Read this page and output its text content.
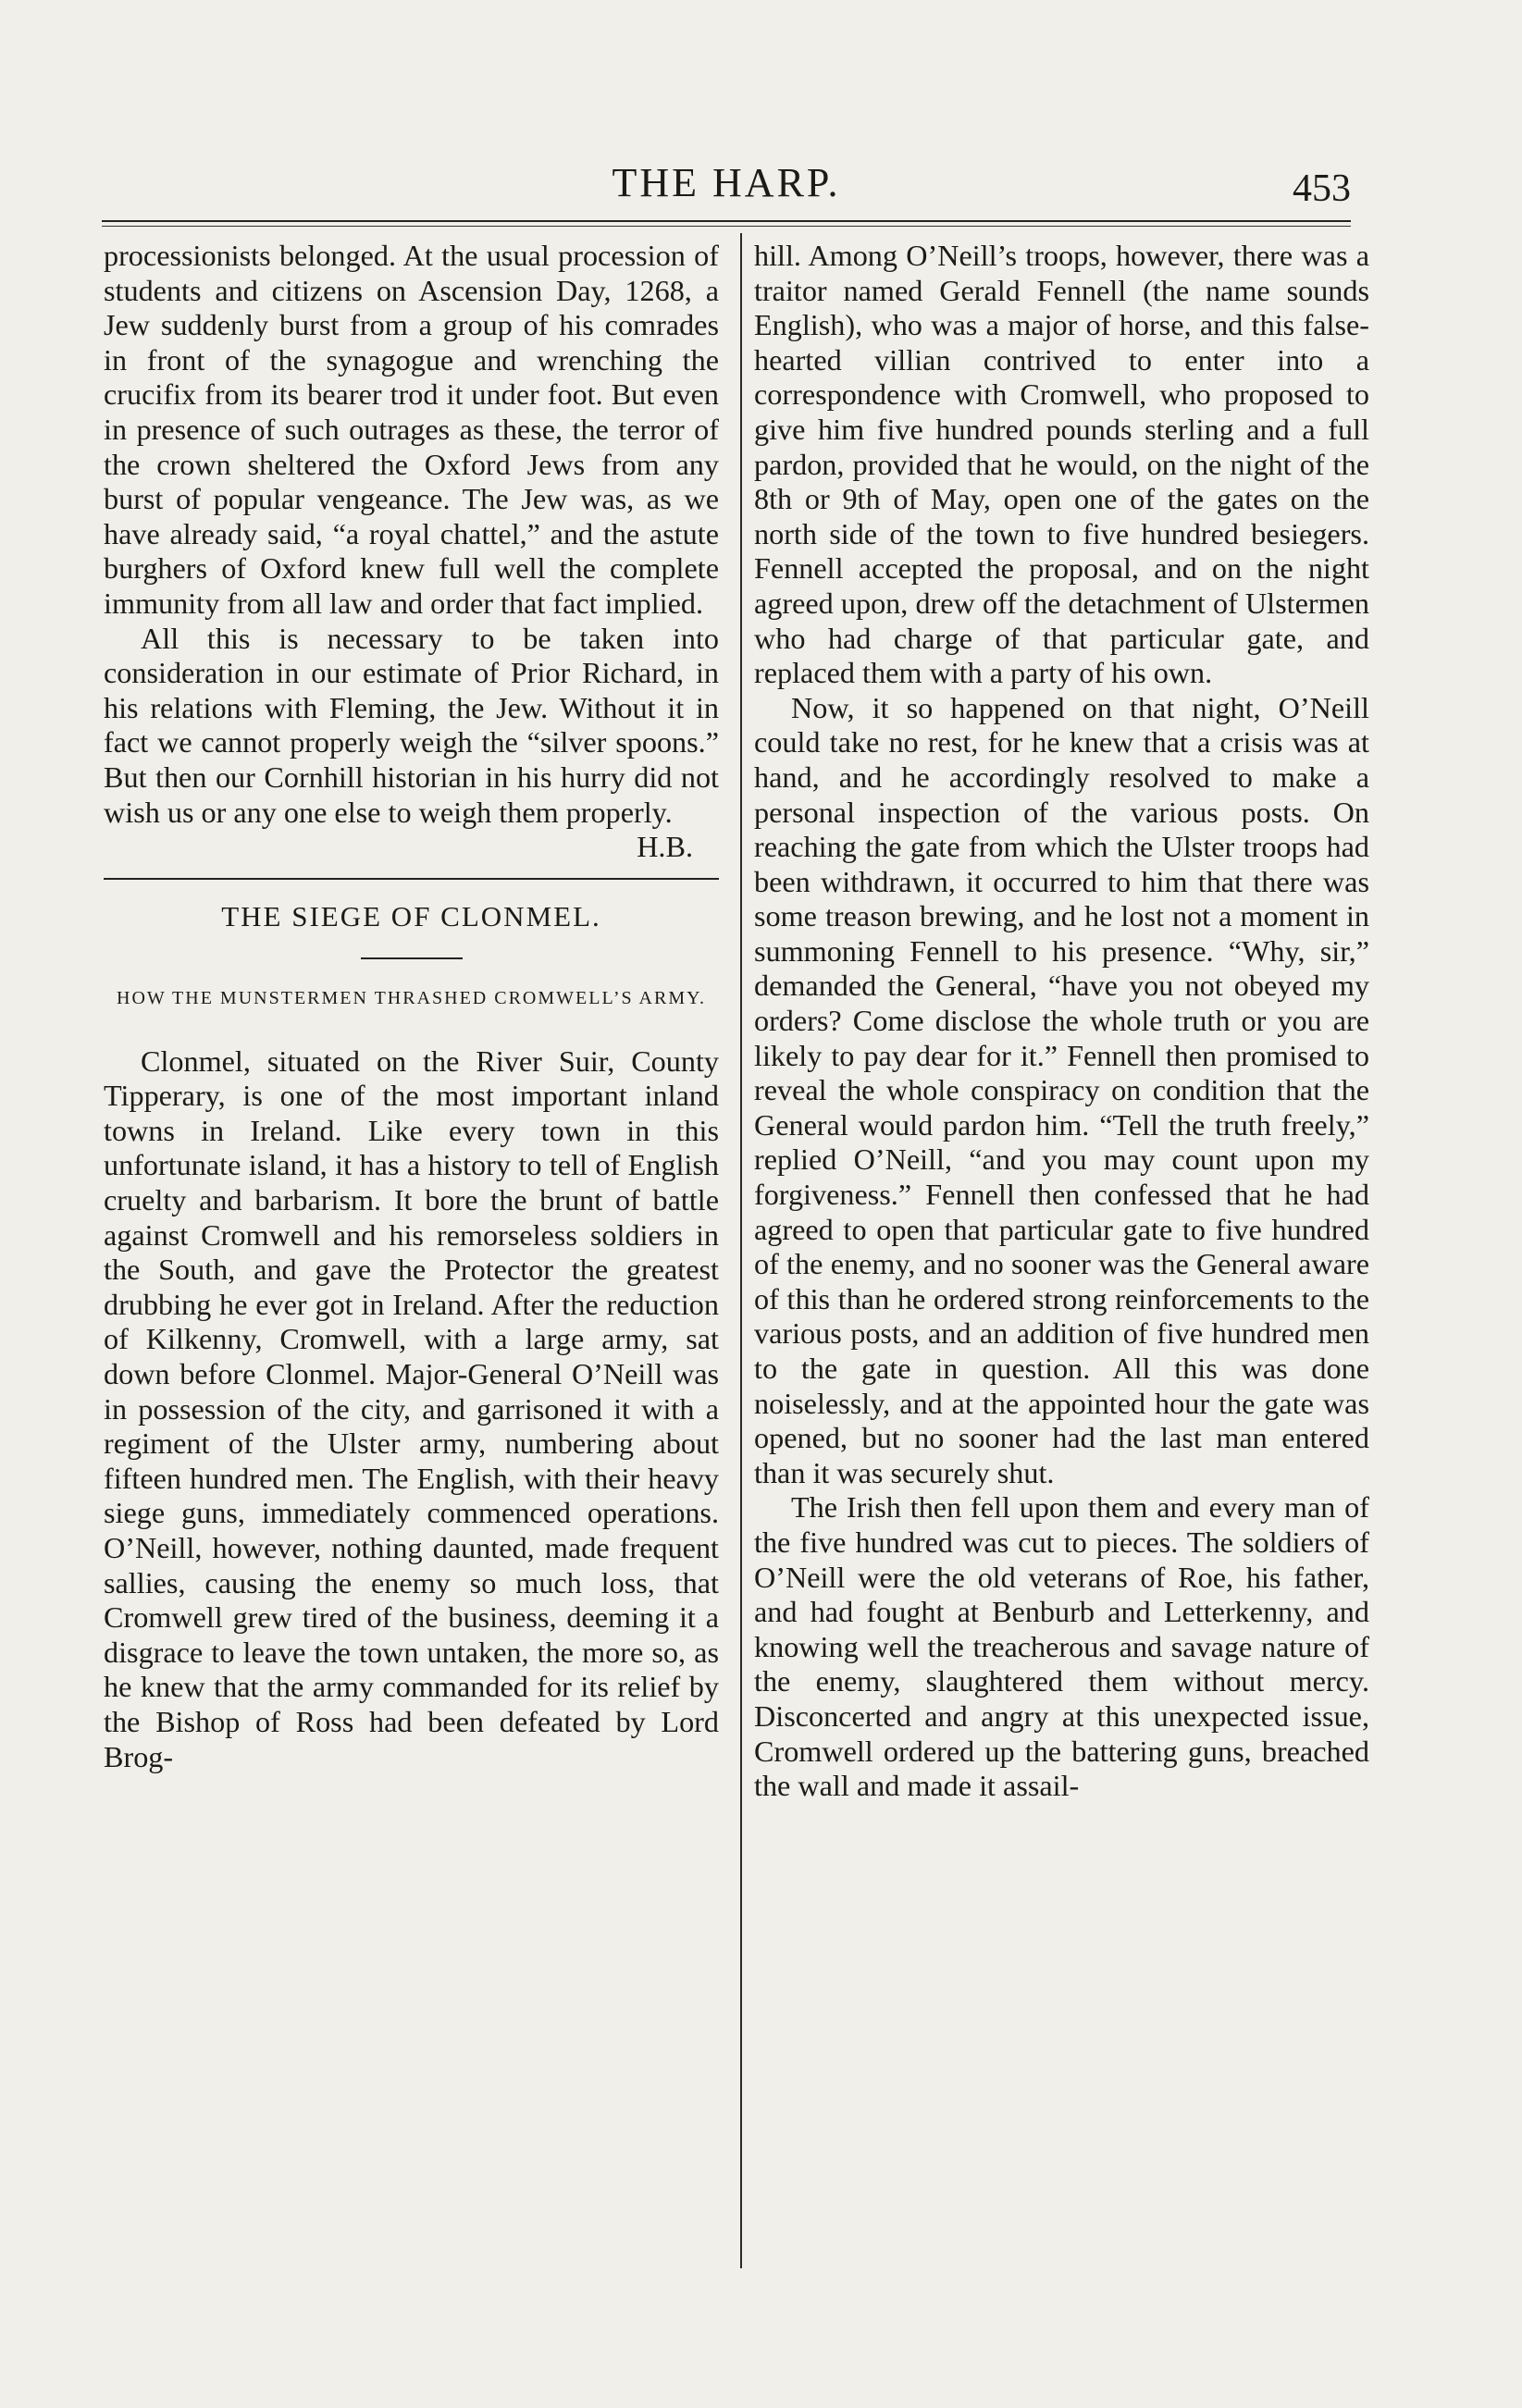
THE HARP.	453

processionists belonged. At the usual procession of students and citizens on Ascension Day, 1268, a Jew suddenly burst from a group of his comrades in front of the synagogue and wrenching the crucifix from its bearer trod it under foot. But even in presence of such outrages as these, the terror of the crown sheltered the Oxford Jews from any burst of popular vengeance. The Jew was, as we have already said, “a royal chattel,” and the astute burghers of Oxford knew full well the complete immunity from all law and order that fact implied.

All this is necessary to be taken into consideration in our estimate of Prior Richard, in his relations with Fleming, the Jew. Without it in fact we cannot properly weigh the “silver spoons.” But then our Cornhill historian in his hurry did not wish us or any one else to weigh them properly.

H.B.

THE SIEGE OF CLONMEL.
HOW THE MUNSTERMEN THRASHED CROMWELL’S ARMY.

Clonmel, situated on the River Suir, County Tipperary, is one of the most important inland towns in Ireland. Like every town in this unfortunate island, it has a history to tell of English cruelty and barbarism. It bore the brunt of battle against Cromwell and his remorseless soldiers in the South, and gave the Protector the greatest drubbing he ever got in Ireland. After the reduction of Kilkenny, Cromwell, with a large army, sat down before Clonmel. Major-General O’Neill was in possession of the city, and garrisoned it with a regiment of the Ulster army, numbering about fifteen hundred men. The English, with their heavy siege guns, immediately commenced operations. O’Neill, however, nothing daunted, made frequent sallies, causing the enemy so much loss, that Cromwell grew tired of the business, deeming it a disgrace to leave the town untaken, the more so, as he knew that the army commanded for its relief by the Bishop of Ross had been defeated by Lord Brog-

hill. Among O’Neill’s troops, however, there was a traitor named Gerald Fennell (the name sounds English), who was a major of horse, and this false-hearted villian contrived to enter into a correspondence with Cromwell, who proposed to give him five hundred pounds sterling and a full pardon, provided that he would, on the night of the 8th or 9th of May, open one of the gates on the north side of the town to five hundred besiegers. Fennell accepted the proposal, and on the night agreed upon, drew off the detachment of Ulstermen who had charge of that particular gate, and replaced them with a party of his own.

Now, it so happened on that night, O’Neill could take no rest, for he knew that a crisis was at hand, and he accordingly resolved to make a personal inspection of the various posts. On reaching the gate from which the Ulster troops had been withdrawn, it occurred to him that there was some treason brewing, and he lost not a moment in summoning Fennell to his presence. “Why, sir,” demanded the General, “have you not obeyed my orders? Come disclose the whole truth or you are likely to pay dear for it.” Fennell then promised to reveal the whole conspiracy on condition that the General would pardon him. “Tell the truth freely,” replied O’Neill, “and you may count upon my forgiveness.” Fennell then confessed that he had agreed to open that particular gate to five hundred of the enemy, and no sooner was the General aware of this than he ordered strong reinforcements to the various posts, and an addition of five hundred men to the gate in question. All this was done noiselessly, and at the appointed hour the gate was opened, but no sooner had the last man entered than it was securely shut.

The Irish then fell upon them and every man of the five hundred was cut to pieces. The soldiers of O’Neill were the old veterans of Roe, his father, and had fought at Benburb and Letterkenny, and knowing well the treacherous and savage nature of the enemy, slaughtered them without mercy. Disconcerted and angry at this unexpected issue, Cromwell ordered up the battering guns, breached the wall and made it assail-
